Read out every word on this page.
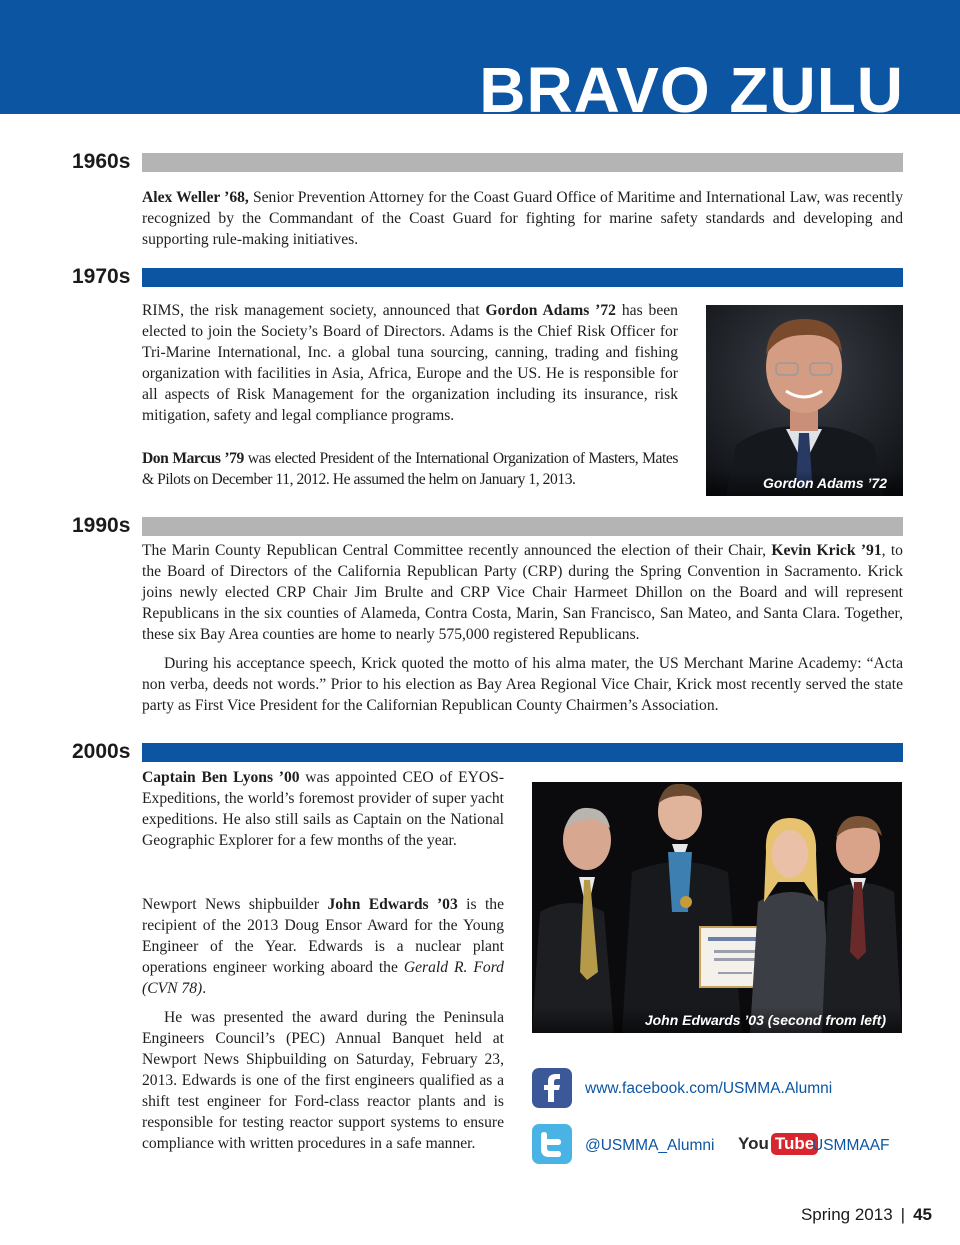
BRAVO ZULU
1960s
Alex Weller ’68, Senior Prevention Attorney for the Coast Guard Office of Maritime and International Law, was recently recognized by the Commandant of the Coast Guard for fighting for marine safety standards and developing and supporting rule-making initiatives.
1970s
RIMS, the risk management society, announced that Gordon Adams ’72 has been elected to join the Society’s Board of Directors. Adams is the Chief Risk Officer for Tri-Marine International, Inc. a global tuna sourcing, canning, trading and fishing organization with facilities in Asia, Africa, Europe and the US. He is responsible for all aspects of Risk Management for the organization including its insurance, risk mitigation, safety and legal compliance programs.
Don Marcus ’79 was elected President of the International Organization of Masters, Mates & Pilots on December 11, 2012. He assumed the helm on January 1, 2013.	Gordon Adams ’72
1990s
The Marin County Republican Central Committee recently announced the election of their Chair, Kevin Krick ’91, to the Board of Directors of the California Republican Party (CRP) during the Spring Convention in Sacramento. Krick joins newly elected CRP Chair Jim Brulte and CRP Vice Chair Harmeet Dhillon on the Board and will represent Republicans in the six counties of Alameda, Contra Costa, Marin, San Francisco, San Mateo, and Santa Clara. Together, these six Bay Area counties are home to nearly 575,000 registered Republicans.
During his acceptance speech, Krick quoted the motto of his alma mater, the US Merchant Marine Academy: “Acta non verba, deeds not words.” Prior to his election as Bay Area Regional Vice Chair, Krick most recently served the state party as First Vice President for the Californian Republican County Chairmen’s Association.
2000s
Captain Ben Lyons ’00 was appointed CEO of EYOS-Expeditions, the world’s foremost provider of super yacht expeditions. He also still sails as Captain on the National Geographic Explorer for a few months of the year.
Newport News shipbuilder John Edwards ’03 is the recipient of the 2013 Doug Ensor Award for the Young Engineer of the Year. Edwards is a nuclear plant operations engineer working aboard the Gerald R. Ford (CVN 78).
He was presented the award during the Peninsula Engineers Council’s (PEC) Annual Banquet held at Newport News Shipbuilding on Saturday, February 23, 2013. Edwards is one of the first engineers qualified as a shift test engineer for Ford-class reactor plants and is responsible for testing reactor support systems to ensure compliance with written procedures in a safe manner.
John Edwards ’03 (second from left)
www.facebook.com/USMMA.Alumni
@USMMA_Alumni You Tube
USMMAAF
Spring 2013 | 45
